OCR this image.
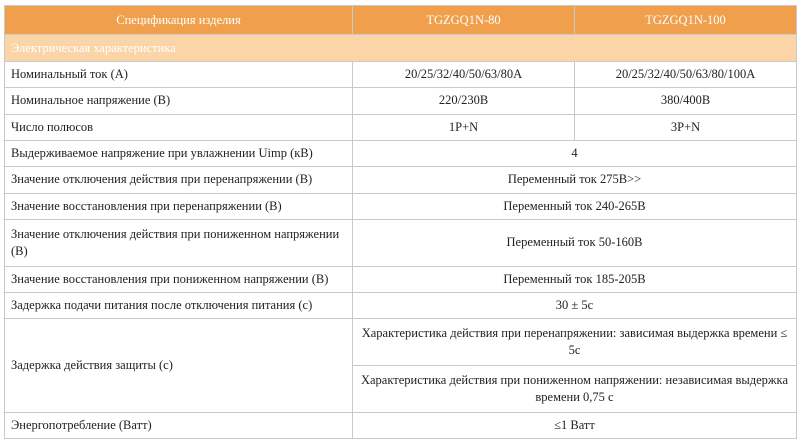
Спецификация изделия	TGZGQ1N-80	TGZGQ1N-100
Электрическая характеристика		
Номинальный ток (A)	20/25/32/40/50/63/80A	20/25/32/40/50/63/80/100A
Номинальное напряжение (В)	220/230В	380/400В
Число полюсов	1P+N	3P+N
Выдерживаемое напряжение при увлажнении Uimp (кВ)	4	
Значение отключения действия при перенапряжении (В)	Переменный ток 275В>>	
Значение восстановления при перенапряжении (В)	Переменный ток 240-265В	
Значение отключения действия при пониженном напряжении (В)	Переменный ток 50-160В	
Значение восстановления при пониженном напряжении (В)	Переменный ток 185-205В	
Задержка подачи питания после отключения питания (с)	30 ± 5с	
Задержка действия защиты (с)	Характеристика действия при перенапряжении: зависимая выдержка времени ≤ 5с	
	Характеристика действия при пониженном напряжении: независимая выдержка времени 0,75 с	
Энергопотребление (Ватт)	≤1 Ватт	
